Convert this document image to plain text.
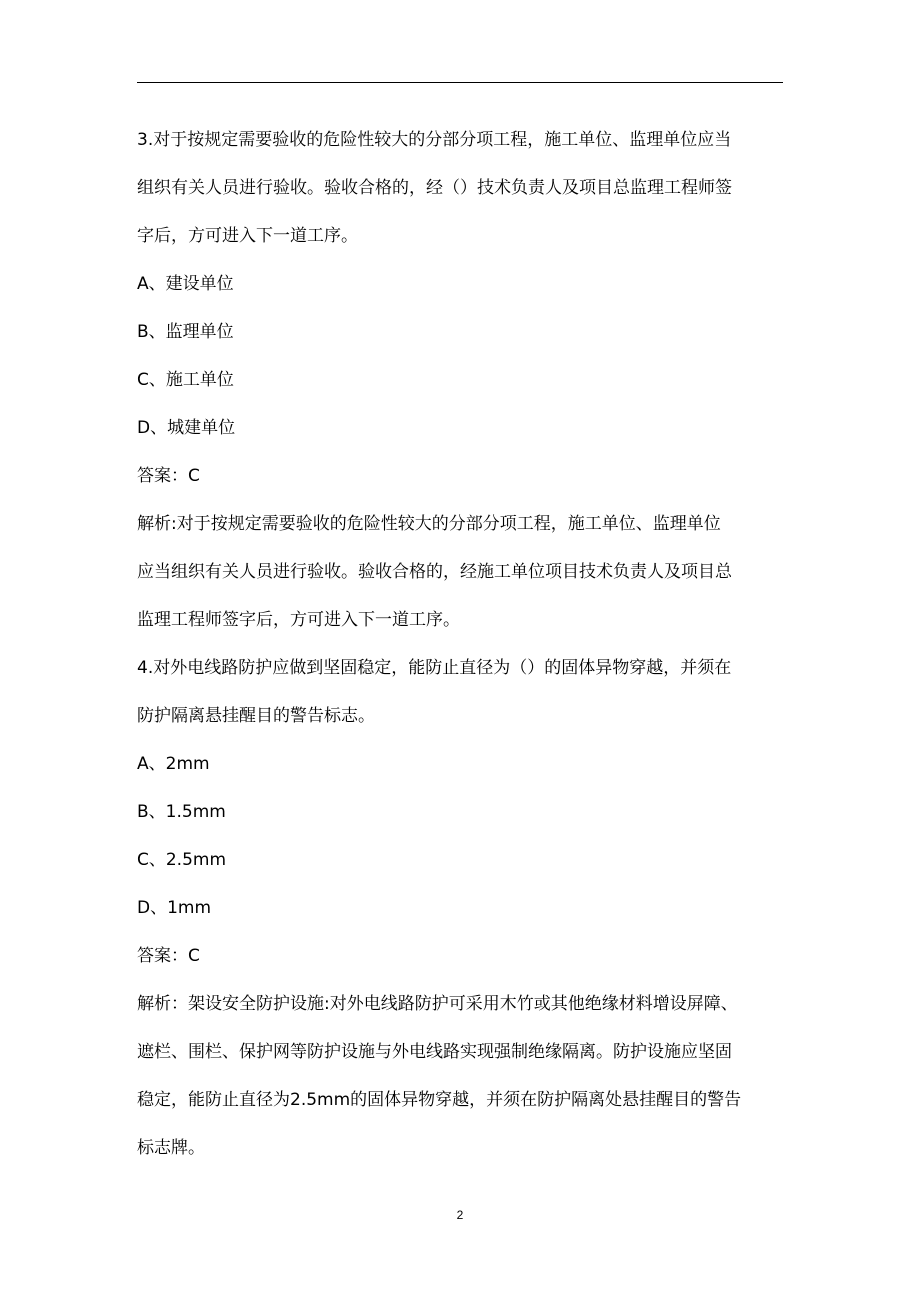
3.对于按规定需要验收的危险性较大的分部分项工程，施工单位、监理单位应当
组织有关人员进行验收。验收合格的，经（）技术负责人及项目总监理工程师签
字后，方可进入下一道工序。
A、建设单位
B、监理单位
C、施工单位
D、城建单位
答案：C
解析:对于按规定需要验收的危险性较大的分部分项工程，施工单位、监理单位
应当组织有关人员进行验收。验收合格的，经施工单位项目技术负责人及项目总
监理工程师签字后，方可进入下一道工序。
4.对外电线路防护应做到坚固稳定，能防止直径为（）的固体异物穿越，并须在
防护隔离悬挂醒目的警告标志。
A、2mm
B、1.5mm
C、2.5mm
D、1mm
答案：C
解析：架设安全防护设施:对外电线路防护可采用木竹或其他绝缘材料增设屏障、
遮栏、围栏、保护网等防护设施与外电线路实现强制绝缘隔离。防护设施应坚固
稳定，能防止直径为2.5mm的固体异物穿越，并须在防护隔离处悬挂醒目的警告
标志牌。
2
